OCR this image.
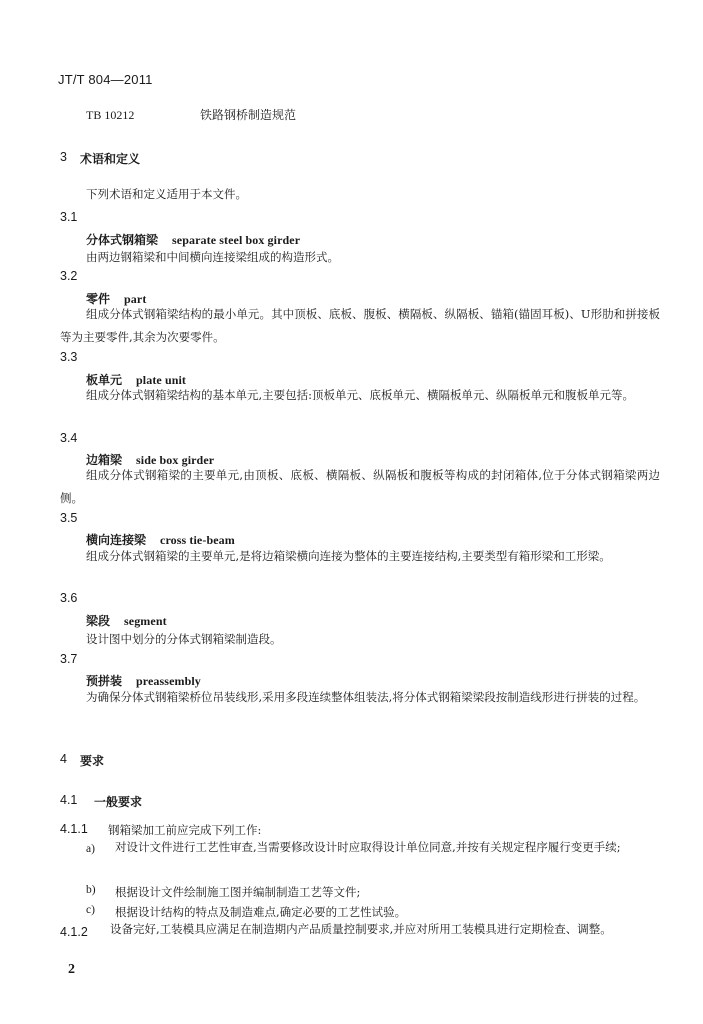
JT/T 804—2011
TB 10212	铁路钢桥制造规范
3 术语和定义
下列术语和定义适用于本文件。
3.1
分体式钢箱梁 separate steel box girder
由两边钢箱梁和中间横向连接梁组成的构造形式。
3.2
零件 part
组成分体式钢箱梁结构的最小单元。其中顶板、底板、腹板、横隔板、纵隔板、锚箱(锚固耳板)、U形肋和拼接板等为主要零件,其余为次要零件。
3.3
板单元 plate unit
组成分体式钢箱梁结构的基本单元,主要包括:顶板单元、底板单元、横隔板单元、纵隔板单元和腹板单元等。
3.4
边箱梁 side box girder
组成分体式钢箱梁的主要单元,由顶板、底板、横隔板、纵隔板和腹板等构成的封闭箱体,位于分体式钢箱梁两边侧。
3.5
横向连接梁 cross tie-beam
组成分体式钢箱梁的主要单元,是将边箱梁横向连接为整体的主要连接结构,主要类型有箱形梁和工形梁。
3.6
梁段 segment
设计图中划分的分体式钢箱梁制造段。
3.7
预拼装 preassembly
为确保分体式钢箱梁桥位吊装线形,采用多段连续整体组装法,将分体式钢箱梁梁段按制造线形进行拼装的过程。
4 要求
4.1 一般要求
4.1.1 钢箱梁加工前应完成下列工作:
a) 对设计文件进行工艺性审查,当需要修改设计时应取得设计单位同意,并按有关规定程序履行变更手续;
b) 根据设计文件绘制施工图并编制制造工艺等文件;
c) 根据设计结构的特点及制造难点,确定必要的工艺性试验。
4.1.2	设备完好,工装模具应满足在制造期内产品质量控制要求,并应对所用工装模具进行定期检查、调整。
2
